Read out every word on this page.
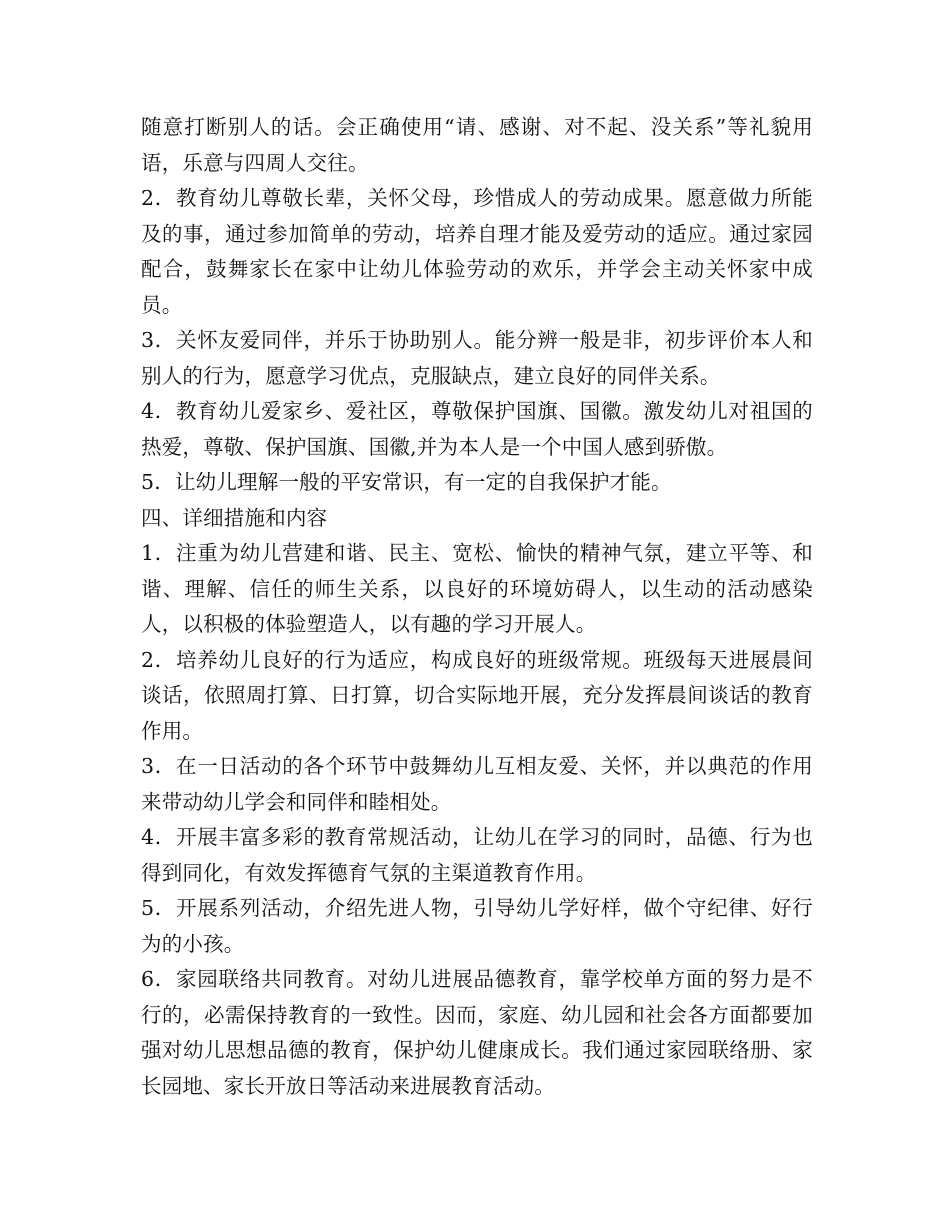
随意打断别人的话。会正确使用“请、感谢、对不起、没关系”等礼貌用语，乐意与四周人交往。

2．教育幼儿尊敬长辈，关怀父母，珍惜成人的劳动成果。愿意做力所能及的事，通过参加简单的劳动，培养自理才能及爱劳动的适应。通过家园配合，鼓舞家长在家中让幼儿体验劳动的欢乐，并学会主动关怀家中成员。

3．关怀友爱同伴，并乐于协助别人。能分辨一般是非，初步评价本人和别人的行为，愿意学习优点，克服缺点，建立良好的同伴关系。

4．教育幼儿爱家乡、爱社区，尊敬保护国旗、国徽。激发幼儿对祖国的热爱，尊敬、保护国旗、国徽,并为本人是一个中国人感到骄傲。

5．让幼儿理解一般的平安常识，有一定的自我保护才能。

四、详细措施和内容

1．注重为幼儿营建和谐、民主、宽松、愉快的精神气氛，建立平等、和谐、理解、信任的师生关系，以良好的环境妨碍人，以生动的活动感染人，以积极的体验塑造人，以有趣的学习开展人。

2．培养幼儿良好的行为适应，构成良好的班级常规。班级每天进展晨间谈话，依照周打算、日打算，切合实际地开展，充分发挥晨间谈话的教育作用。

3．在一日活动的各个环节中鼓舞幼儿互相友爱、关怀，并以典范的作用来带动幼儿学会和同伴和睦相处。

4．开展丰富多彩的教育常规活动，让幼儿在学习的同时，品德、行为也得到同化，有效发挥德育气氛的主渠道教育作用。

5．开展系列活动，介绍先进人物，引导幼儿学好样，做个守纪律、好行为的小孩。

6．家园联络共同教育。对幼儿进展品德教育，靠学校单方面的努力是不行的，必需保持教育的一致性。因而，家庭、幼儿园和社会各方面都要加强对幼儿思想品德的教育，保护幼儿健康成长。我们通过家园联络册、家长园地、家长开放日等活动来进展教育活动。
